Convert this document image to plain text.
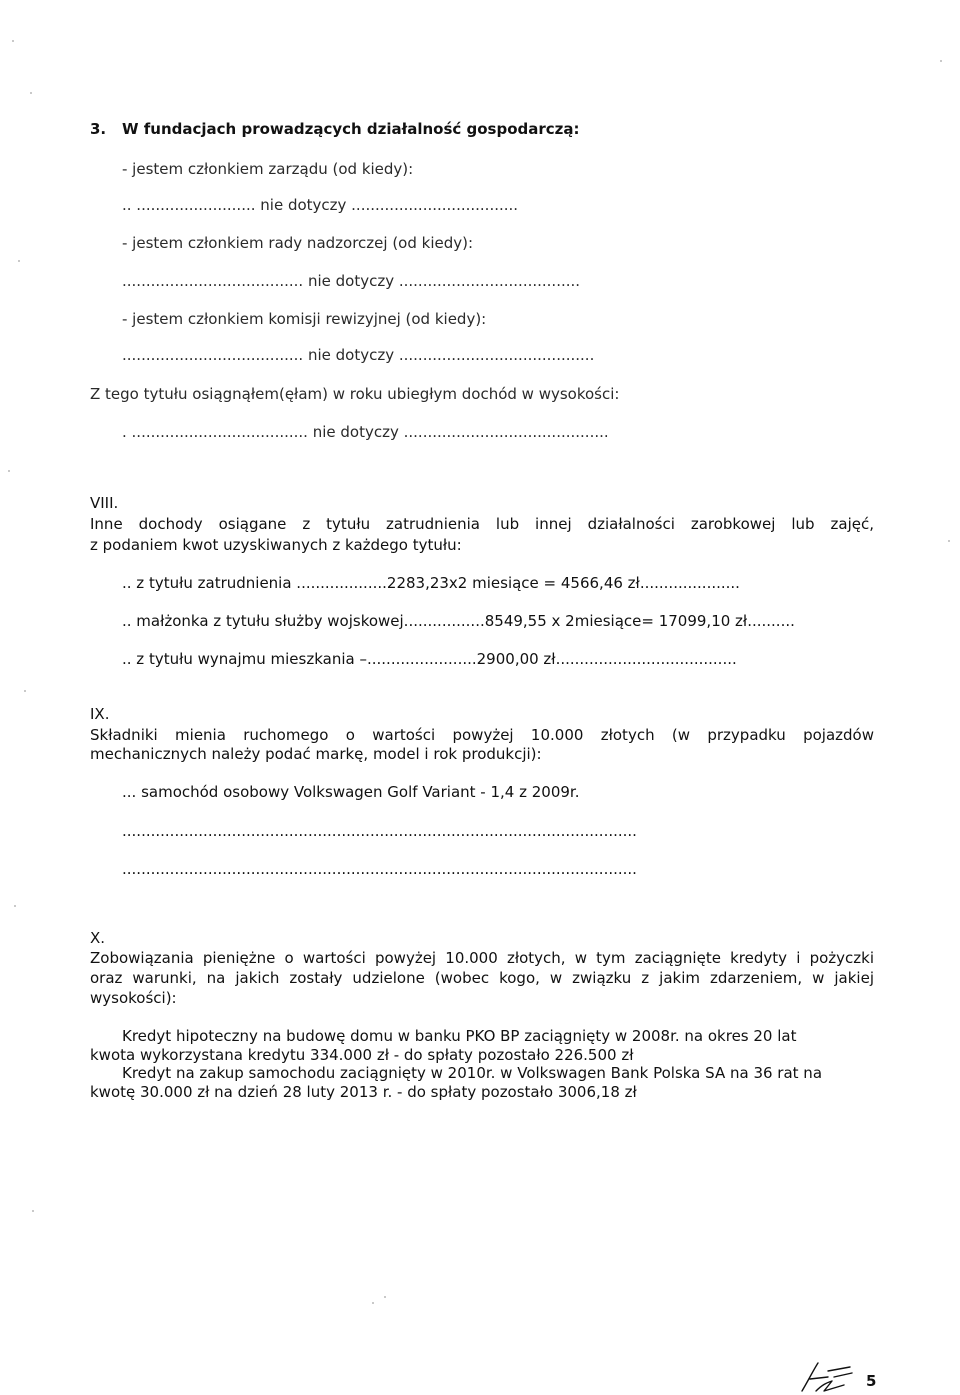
3. W fundacjach prowadzących działalność gospodarczą:
- jestem członkiem zarządu (od kiedy):
.. ......................... nie dotyczy ...................................
- jestem członkiem rady nadzorczej (od kiedy):
...................................... nie dotyczy ......................................
- jestem członkiem komisji rewizyjnej (od kiedy):
...................................... nie dotyczy .........................................
Z tego tytułu osiągnąłem(ęłam) w roku ubiegłym dochód w wysokości:
. ..................................... nie dotyczy ...........................................
VIII.
Inne dochody osiągane z tytułu zatrudnienia lub innej działalności zarobkowej lub zajęć,
z podaniem kwot uzyskiwanych z każdego tytułu:
.. z tytułu zatrudnienia ...................2283,23x2 miesiące = 4566,46 zł.....................
.. małżonka z tytułu służby wojskowej.................8549,55 x 2miesiące= 17099,10 zł..........
.. z tytułu wynajmu mieszkania –.......................2900,00 zł......................................
IX.
Składniki mienia ruchomego o wartości powyżej 10.000 złotych (w przypadku pojazdów
mechanicznych należy podać markę, model i rok produkcji):
... samochód osobowy Volkswagen Golf Variant - 1,4 z 2009r.
............................................................................................................
............................................................................................................
X.
Zobowiązania pieniężne o wartości powyżej 10.000 złotych, w tym zaciągnięte kredyty i pożyczki
oraz warunki, na jakich zostały udzielone (wobec kogo, w związku z jakim zdarzeniem, w jakiej
wysokości):
Kredyt hipoteczny na budowę domu w banku PKO BP zaciągnięty w 2008r. na okres 20 lat
kwota wykorzystana kredytu 334.000 zł - do spłaty pozostało 226.500 zł
Kredyt na zakup samochodu zaciągnięty w 2010r. w Volkswagen Bank Polska SA na 36 rat na
kwotę 30.000 zł na dzień 28 luty 2013 r. - do spłaty pozostało 3006,18 zł
5
